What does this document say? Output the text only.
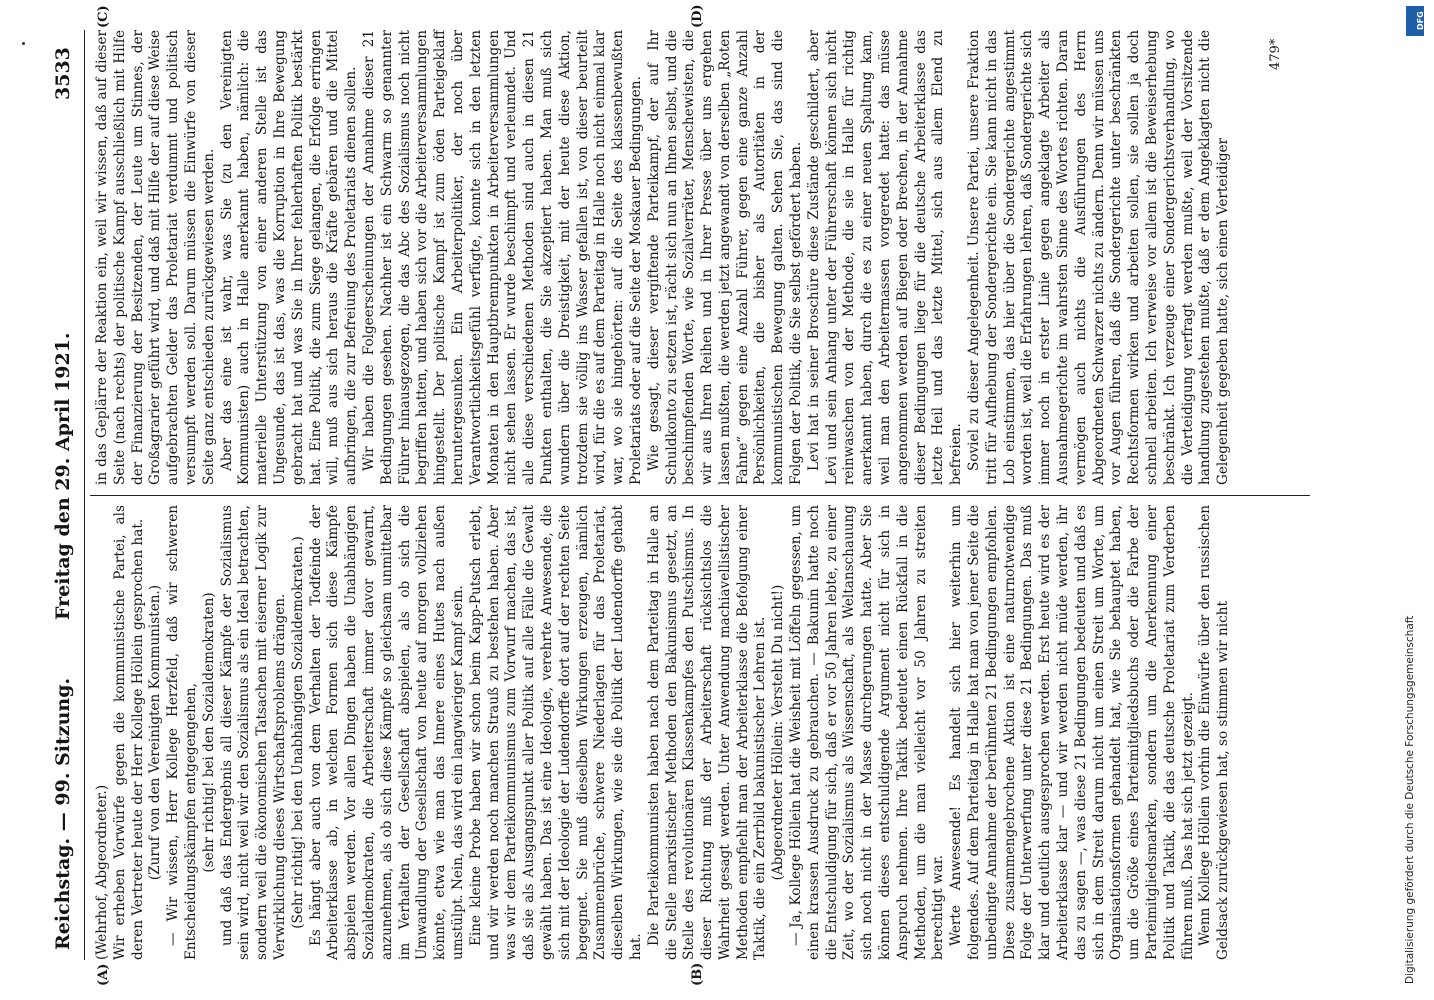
Reichstag. — 99. Sitzung.
Freitag den 29. April 1921.
3533
(A)	(B)
(C)	(D)

(Wehrhof, Abgeordneter.) Wir erheben Vorwürfe gegen die kommunistische Partei, als deren Vertreter heute der Herr Kollege Höllein gesprochen hat. (Zuruf von den Vereinigten Kommunisten.) — Wir wissen, Herr Kollege Herzfeld, daß wir schweren Entscheidungskämpfen entgegengehen, (sehr richtig! bei den Sozialdemokraten) und daß das Endergebnis all dieser Kämpfe der Sozialismus sein wird, nicht weil wir den Sozialismus als ein Ideal betrachten, sondern weil die ökonomischen Tatsachen mit eiserner Logik zur Verwirklichung dieses Wirtschaftsproblems drängen. (Sehr richtig! bei den Unabhängigen Sozialdemokraten.) Es hängt aber auch von dem Verhalten der Todfeinde der Arbeiterklasse ab, in welchen Formen sich diese Kämpfe abspielen werden. Vor allen Dingen haben die Unabhängigen Sozialdemokraten, die Arbeiterschaft immer davor gewarnt, anzunehmen, als ob sich diese Kämpfe so gleichsam unmittelbar im Verhalten der Gesellschaft abspielen, als ob sich die Umwandlung der Gesellschaft von heute auf morgen vollziehen könnte, etwa wie man das Innere eines Hutes nach außen umstülpt. Nein, das wird ein langwieriger Kampf sein. Eine kleine Probe haben wir schon beim Kapp-Putsch erlebt, und wir werden noch manchen Strauß zu bestehen haben. Aber was wir dem Parteikommunismus zum Vorwurf machen, das ist, daß sie als Ausgangspunkt aller Politik auf alle Fälle die Gewalt gewählt haben. Das ist eine Ideologie, verehrte Anwesende, die sich mit der Ideologie der Ludendorffe dort auf der rechten Seite begegnet. Sie muß dieselben Wirkungen erzeugen, nämlich Zusammenbrüche, schwere Niederlagen für das Proletariat, dieselben Wirkungen, wie sie die Politik der Ludendorffe gehabt hat.

Die Parteikommunisten haben nach dem Parteitag in Halle an die Stelle marxistischer Methoden den Bakunismus gesetzt, an Stelle des revolutionären Klassenkampfes den Putschismus. In dieser Richtung muß der Arbeiterschaft rücksichtslos die Wahrheit gesagt werden. Unter Anwendung machiavellistischer Methoden empfiehlt man der Arbeiterklasse die Befolgung einer Taktik, die ein Zerrbild bakunistischer Lehren ist. (Abgeordneter Höllein: Versteht Du nicht!) — Ja, Kollege Höllein hat die Weisheit mit Löffeln gegessen, um einen krassen Ausdruck zu gebrauchen. — Bakunin hatte noch die Entschuldigung für sich, daß er vor 50 Jahren lebte, zu einer Zeit, wo der Sozialismus als Wissenschaft, als Weltanschauung sich noch nicht in der Masse durchgerungen hatte. Aber Sie können dieses entschuldigende Argument nicht für sich in Anspruch nehmen. Ihre Taktik bedeutet einen Rückfall in die Methoden, um die man vielleicht vor 50 Jahren zu streiten berechtigt war. Werte Anwesende! Es handelt sich hier weiterhin um folgendes. Auf dem Parteitag in Halle hat man von jener Seite die unbedingte Annahme der berühmten 21 Bedingungen empfohlen. Diese zusammengebrochene Aktion ist eine naturnotwendige Folge der Unterwerfung unter diese 21 Bedingungen. Das muß klar und deutlich ausgesprochen werden. Erst heute wird es der Arbeiterklasse klar — und wir werden nicht müde werden, ihr das zu sagen —, was diese 21 Bedingungen bedeuten und daß es sich in dem Streit darum nicht um einen Streit um Worte, um Organisationsformen gehandelt hat, wie Sie behauptet haben, um die Größe eines Parteimitgliedsbuchs oder die Farbe der Parteimitgliedsmarken, sondern um die Anerkennung einer Politik und Taktik, die das deutsche Proletariat zum Verderben führen muß. Das hat sich jetzt gezeigt. Wenn Kollege Höllein vorhin die Einwürfe über den russischen Geldsack zurückgewiesen hat, so stimmen wir nicht

in das Geplärre der Reaktion ein, weil wir wissen, daß auf dieser Seite (nach rechts) der politische Kampf ausschließlich mit Hilfe der Finanzierung der Besitzenden, der Leute um Stinnes, der Großagrarier geführt wird, und daß mit Hilfe der auf diese Weise aufgebrachten Gelder das Proletariat verdummt und politisch versumpft werden soll. Darum müssen die Einwürfe von dieser Seite ganz entschieden zurückgewiesen werden. Aber das eine ist wahr, was Sie (zu den Vereinigten Kommunisten) auch in Halle anerkannt haben, nämlich: die materielle Unterstützung von einer anderen Stelle ist das Ungesunde, das ist das, was die Korruption in Ihre Bewegung gebracht hat und was Sie in Ihrer fehlerhaften Politik bestärkt hat. Eine Politik, die zum Siege gelangen, die Erfolge erringen will, muß aus sich heraus die Kräfte gebären und die Mittel aufbringen, die zur Befreiung des Proletariats dienen sollen. Wir haben die Folgeerscheinungen der Annahme dieser 21 Bedingungen gesehen. Nachher ist ein Schwarm so genannter Führer hinausgezogen, die das Abc des Sozialismus noch nicht begriffen hatten, und haben sich vor die Arbeiterversammlungen hingestellt. Der politische Kampf ist zum öden Parteigeklaff heruntergesunken. Ein Arbeiterpolitiker, der noch über Verantwortlichkeitsgefühl verfügte, konnte sich in den letzten Monaten in den Hauptbrennpunkten in Arbeiterversammlungen nicht sehen lassen. Er wurde beschimpft und verleumdet. Und alle diese verschiedenen Methoden sind auch in diesen 21 Punkten enthalten, die Sie akzeptiert haben. Man muß sich wundern über die Dreistigkeit, mit der heute diese Aktion, trotzdem sie völlig ins Wasser gefallen ist, von dieser beurteilt wird, für die es auf dem Parteitag in Halle noch nicht einmal klar war, wo sie hingehörten: auf die Seite des klassenbewußten Proletariats oder auf die Seite der Moskauer Bedingungen. Wie gesagt, dieser vergiftende Parteikampf, der auf Ihr Schuldkonto zu setzen ist, rächt sich nun an Ihnen selbst, und die beschimpfenden Worte, wie Sozialverräter, Menschewisten, die wir aus Ihren Reihen und in Ihrer Presse über uns ergehen lassen mußten, die werden jetzt angewandt von derselben „Roten Fahne“ gegen eine Anzahl Führer, gegen eine ganze Anzahl Persönlichkeiten, die bisher als Autoritäten in der kommunistischen Bewegung galten. Sehen Sie, das sind die Folgen der Politik, die Sie selbst gefördert haben. Levi hat in seiner Broschüre diese Zustände geschildert, aber Levi und sein Anhang unter der Führerschaft können sich nicht reinwaschen von der Methode, die sie in Halle für richtig anerkannt haben, durch die es zu einer neuen Spaltung kam, weil man den Arbeitermassen vorgeredet hatte: das müsse angenommen werden auf Biegen oder Brechen, in der Annahme dieser Bedingungen liege für die deutsche Arbeiterklasse das letzte Heil und das letzte Mittel, sich aus allem Elend zu befreien. Soviel zu dieser Angelegenheit. Unsere Partei, unsere Fraktion tritt für Aufhebung der Sondergerichte ein. Sie kann nicht in das Lob einstimmen, das hier über die Sondergerichte angestimmt worden ist, weil die Erfahrungen lehren, daß Sondergerichte sich immer noch in erster Linie gegen angeklagte Arbeiter als Ausnahmegerichte im wahrsten Sinne des Wortes richten. Daran vermögen auch nichts die Ausführungen des Herrn Abgeordneten Schwarzer nichts zu ändern. Denn wir müssen uns vor Augen führen, daß die Sondergerichte unter beschränkten Rechtsformen wirken und arbeiten sollen, sie sollen ja doch schnell arbeiten. Ich verweise vor allem ist die Beweiserhebung beschränkt. Ich verzeuge einer Sondergerichtsverhandlung, wo die Verteidigung verfragt werden mußte, weil der Vorsitzende handlung zugestehen mußte, daß er dem Angeklagten nicht die Gelegenheit gegeben hatte, sich einen Verteidiger

479*
DFG
Digitalisierung gefördert durch die Deutsche Forschungsgemeinschaft
